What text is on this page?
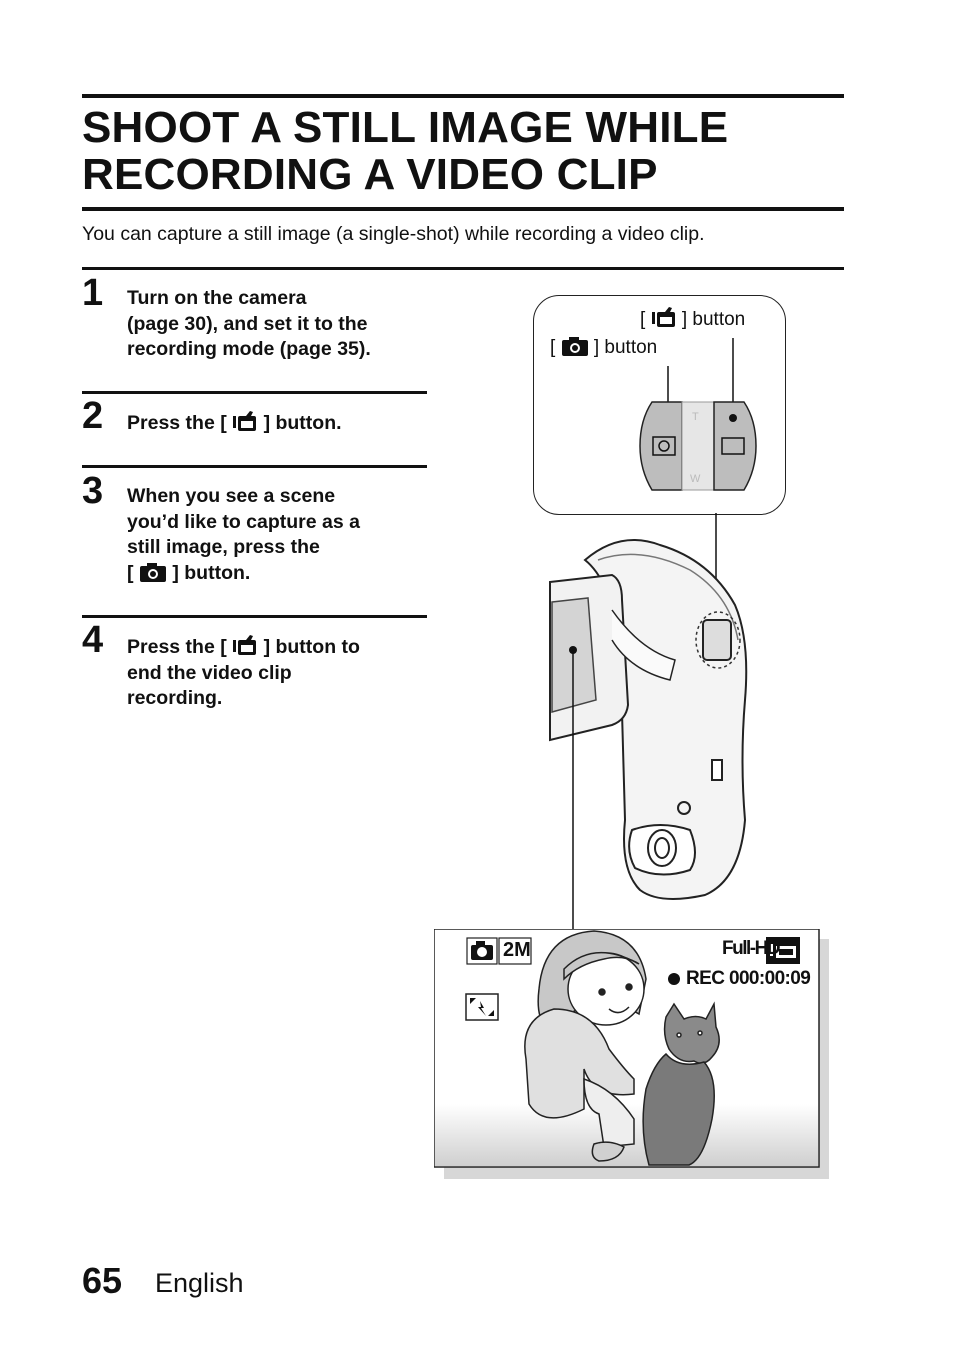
SHOOT A STILL IMAGE WHILE
RECORDING A VIDEO CLIP
You can capture a still image (a single-shot) while recording a video clip.
1 Turn on the camera
(page 30), and set it to the
recording mode (page 35).
2 Press the [ ] button.
3 When you see a scene
you’d like to capture as a
still image, press the
[ ] button.
4 Press the [ ] button to
end the video clip
recording.
[ ] button
[ ] button
T
W
2M	Full-HD
REC 000:00:09
65 English
